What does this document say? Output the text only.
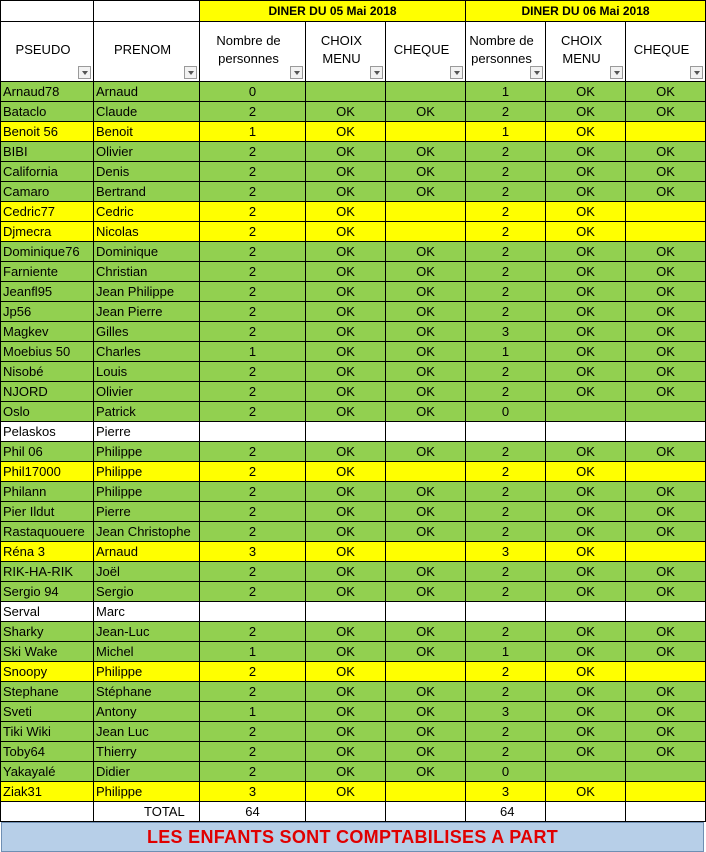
		DINER DU 05 Mai 2018			DINER DU 06 Mai 2018		

PSEUDO	PRENOM	Nombre de personnes	CHOIX MENU	CHEQUE	Nombre de personnes	CHOIX MENU	CHEQUE

Arnaud78	Arnaud	0			1	OK	OK
Bataclo	Claude	2	OK	OK	2	OK	OK
Benoit 56	Benoit	1	OK		1	OK	
BIBI	Olivier	2	OK	OK	2	OK	OK
California	Denis	2	OK	OK	2	OK	OK
Camaro	Bertrand	2	OK	OK	2	OK	OK
Cedric77	Cedric	2	OK		2	OK	
Djmecra	Nicolas	2	OK		2	OK	
Dominique76	Dominique	2	OK	OK	2	OK	OK
Farniente	Christian	2	OK	OK	2	OK	OK
Jeanfl95	Jean Philippe	2	OK	OK	2	OK	OK
Jp56	Jean Pierre	2	OK	OK	2	OK	OK
Magkev	Gilles	2	OK	OK	3	OK	OK
Moebius 50	Charles	1	OK	OK	1	OK	OK
Nisobé	Louis	2	OK	OK	2	OK	OK
NJORD	Olivier	2	OK	OK	2	OK	OK
Oslo	Patrick	2	OK	OK	0		
Pelaskos	Pierre						
Phil 06	Philippe	2	OK	OK	2	OK	OK
Phil17000	Philippe	2	OK		2	OK	
Philann	Philippe	2	OK	OK	2	OK	OK
Pier Ildut	Pierre	2	OK	OK	2	OK	OK
Rastaquouere	Jean Christophe	2	OK	OK	2	OK	OK
Réna 3	Arnaud	3	OK		3	OK	
RIK-HA-RIK	Joël	2	OK	OK	2	OK	OK
Sergio 94	Sergio	2	OK	OK	2	OK	OK
Serval	Marc						
Sharky	Jean-Luc	2	OK	OK	2	OK	OK
Ski Wake	Michel	1	OK	OK	1	OK	OK
Snoopy	Philippe	2	OK		2	OK	
Stephane	Stéphane	2	OK	OK	2	OK	OK
Sveti	Antony	1	OK	OK	3	OK	OK
Tiki Wiki	Jean Luc	2	OK	OK	2	OK	OK
Toby64	Thierry	2	OK	OK	2	OK	OK
Yakayalé	Didier	2	OK	OK	0		
Ziak31	Philippe	3	OK		3	OK	
	TOTAL	64			64		
LES ENFANTS SONT COMPTABILISES A PART
